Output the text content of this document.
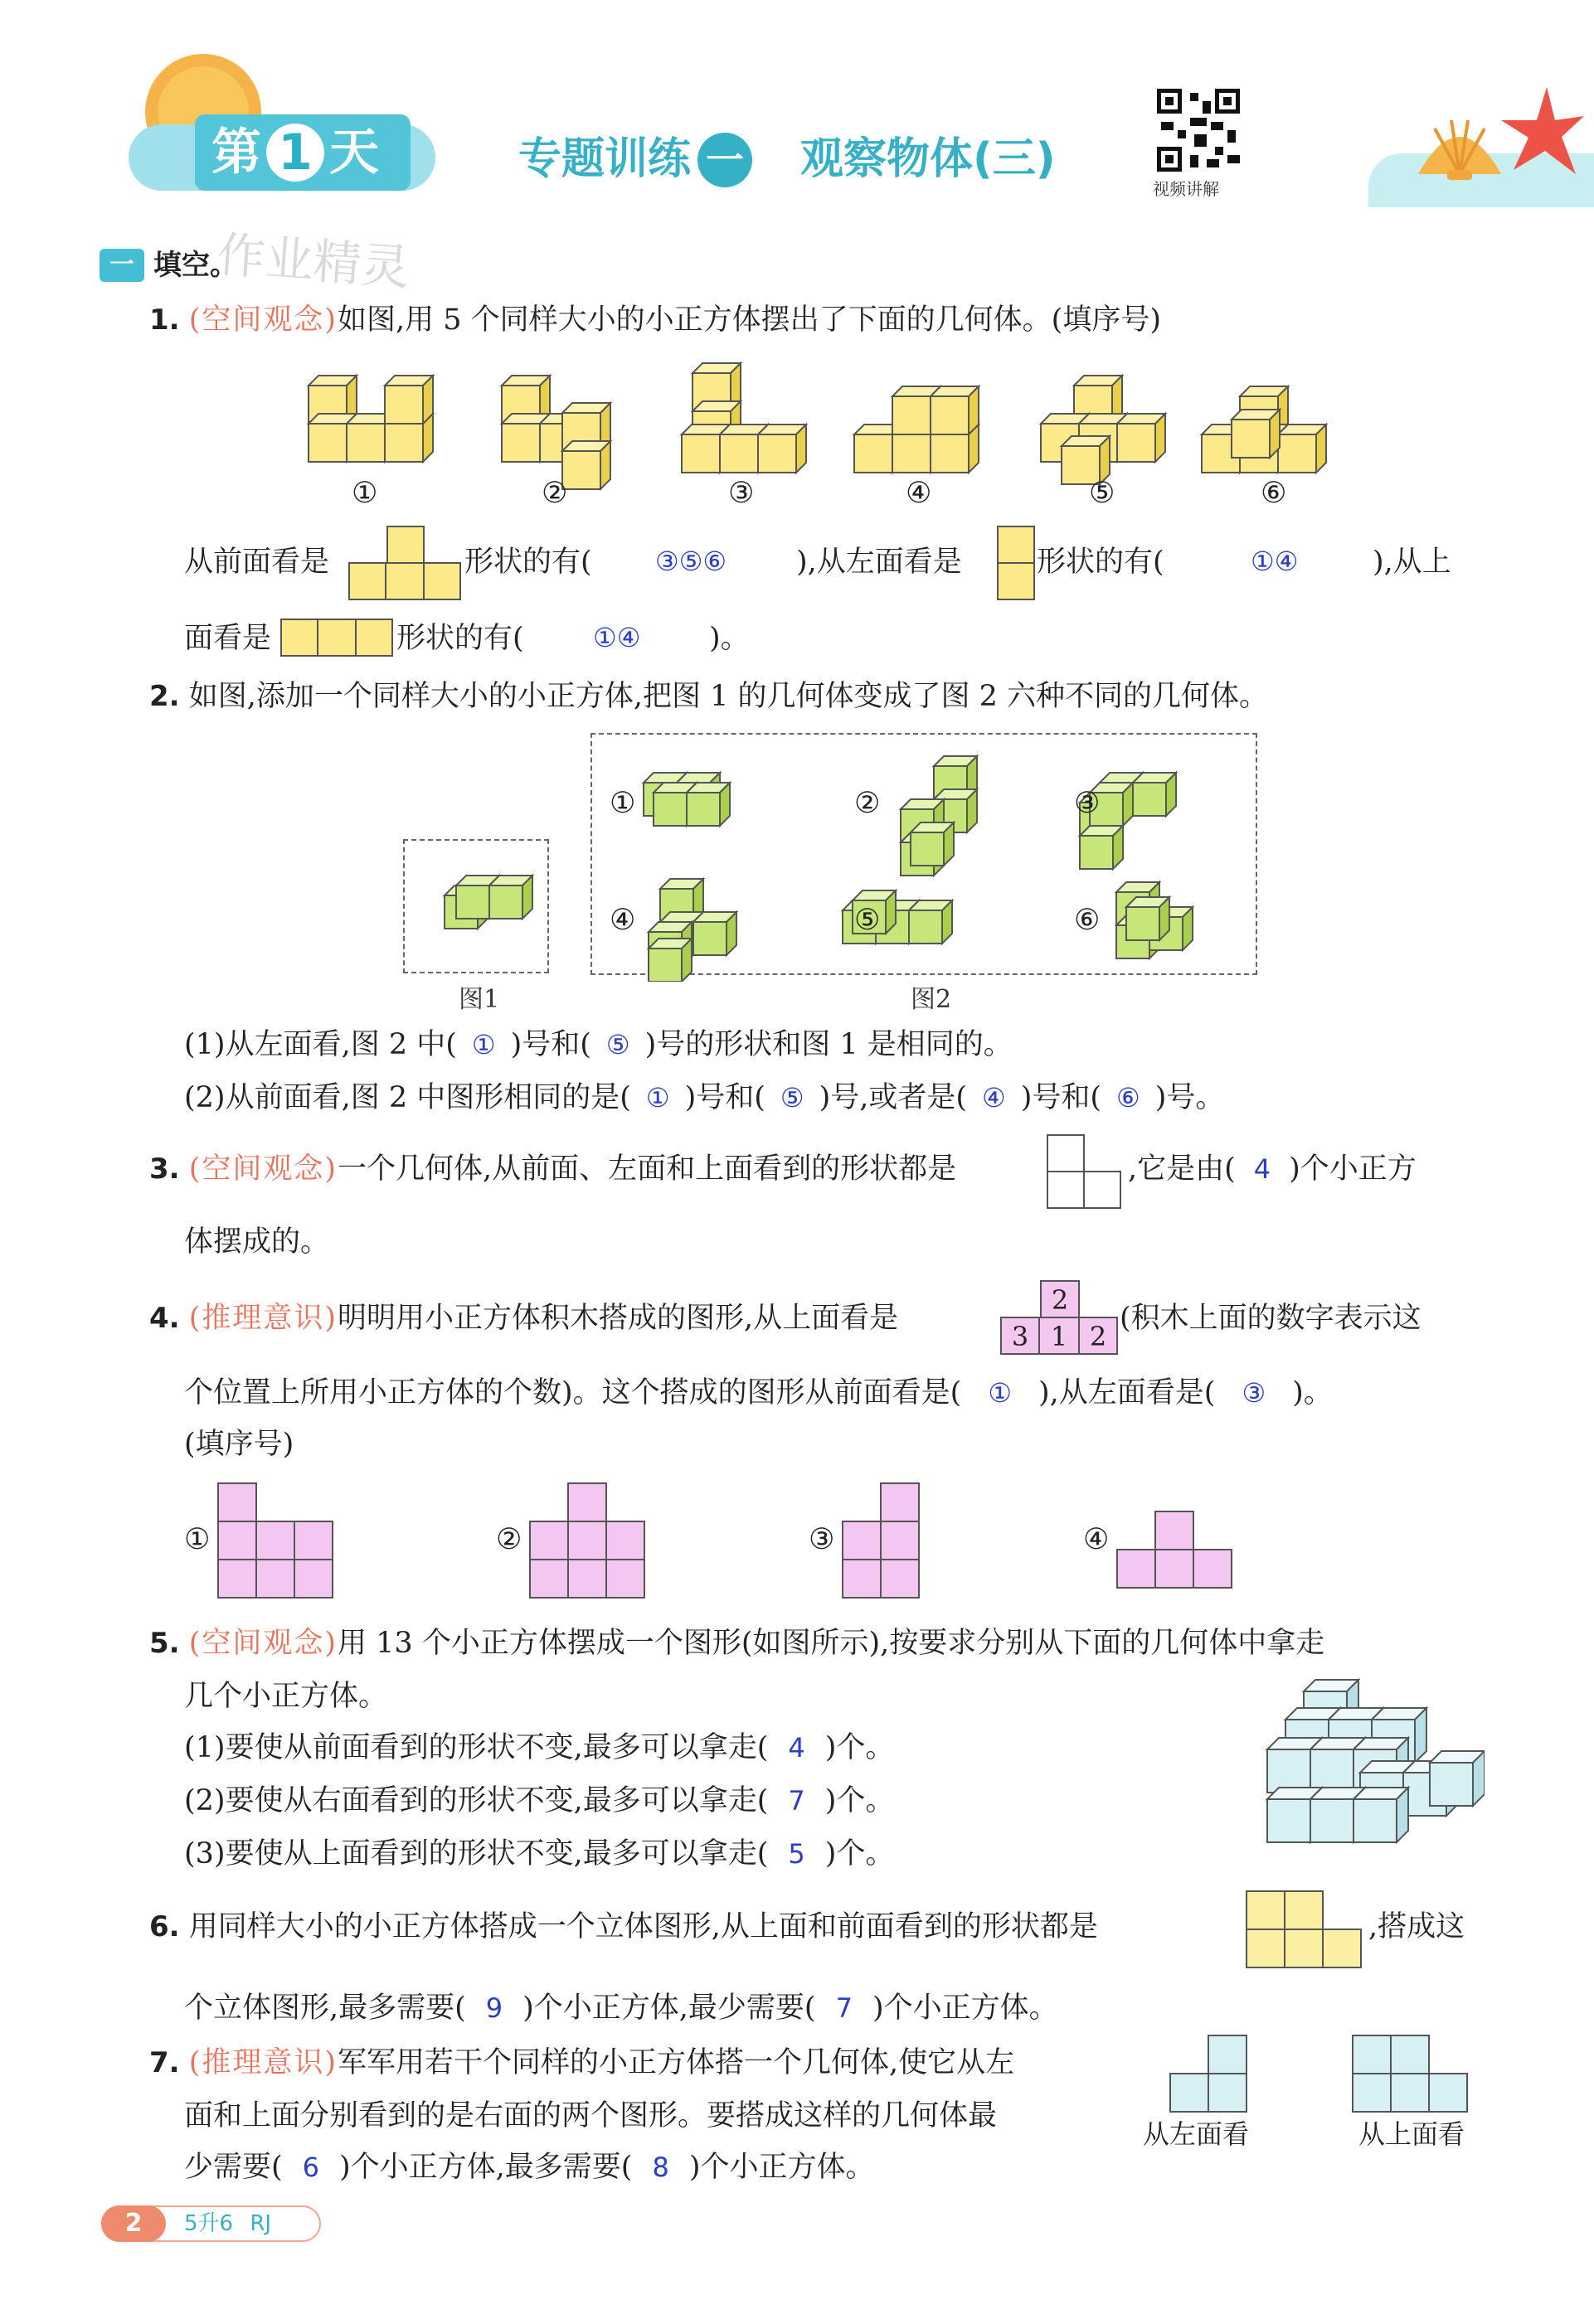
第 1 天	专题训练 一 观察物体(三)
视频讲解
作业精灵
一 填空。
1. (空间观念)如图,用 5 个同样大小的小正方体摆出了下面的几何体。(填序号)
①	②	③	④	⑤	⑥
从前面看是	形状的有( ③⑤⑥ ),从左面看是	形状的有(	①④	),从上
面看是	形状的有(	①④ )。
2. 如图,添加一个同样大小的小正方体,把图 1 的几何体变成了图 2 六种不同的几何体。
①	②	③
④	⑤	⑥
图1	图2
(1)从左面看,图 2 中( ① )号和( ⑤ )号的形状和图 1 是相同的。
(2)从前面看,图 2 中图形相同的是( ① )号和( ⑤ )号,或者是( ④ )号和( ⑥ )号。
3. (空间观念)一个几何体,从前面、左面和上面看到的形状都是	,它是由( 4 )个小正方
体摆成的。
4. (推理意识)明明用小正方体积木搭成的图形,从上面看是
2
3 1 2
(积木上面的数字表示这
个位置上所用小正方体的个数)。这个搭成的图形从前面看是( ① ),从左面看是( ③ )。
(填序号)
①	②	③	④
5. (空间观念)用 13 个小正方体摆成一个图形(如图所示),按要求分别从下面的几何体中拿走
几个小正方体。
(1)要使从前面看到的形状不变,最多可以拿走( 4 )个。
(2)要使从右面看到的形状不变,最多可以拿走( 7 )个。
(3)要使从上面看到的形状不变,最多可以拿走( 5 )个。
6. 用同样大小的小正方体搭成一个立体图形,从上面和前面看到的形状都是	,搭成这
个立体图形,最多需要( 9 )个小正方体,最少需要( 7 )个小正方体。
7. (推理意识)军军用若干个同样的小正方体搭一个几何体,使它从左
面和上面分别看到的是右面的两个图形。要搭成这样的几何体最
少需要( 6 )个小正方体,最多需要( 8 )个小正方体。
从左面看	从上面看
2	5升6 RJ
